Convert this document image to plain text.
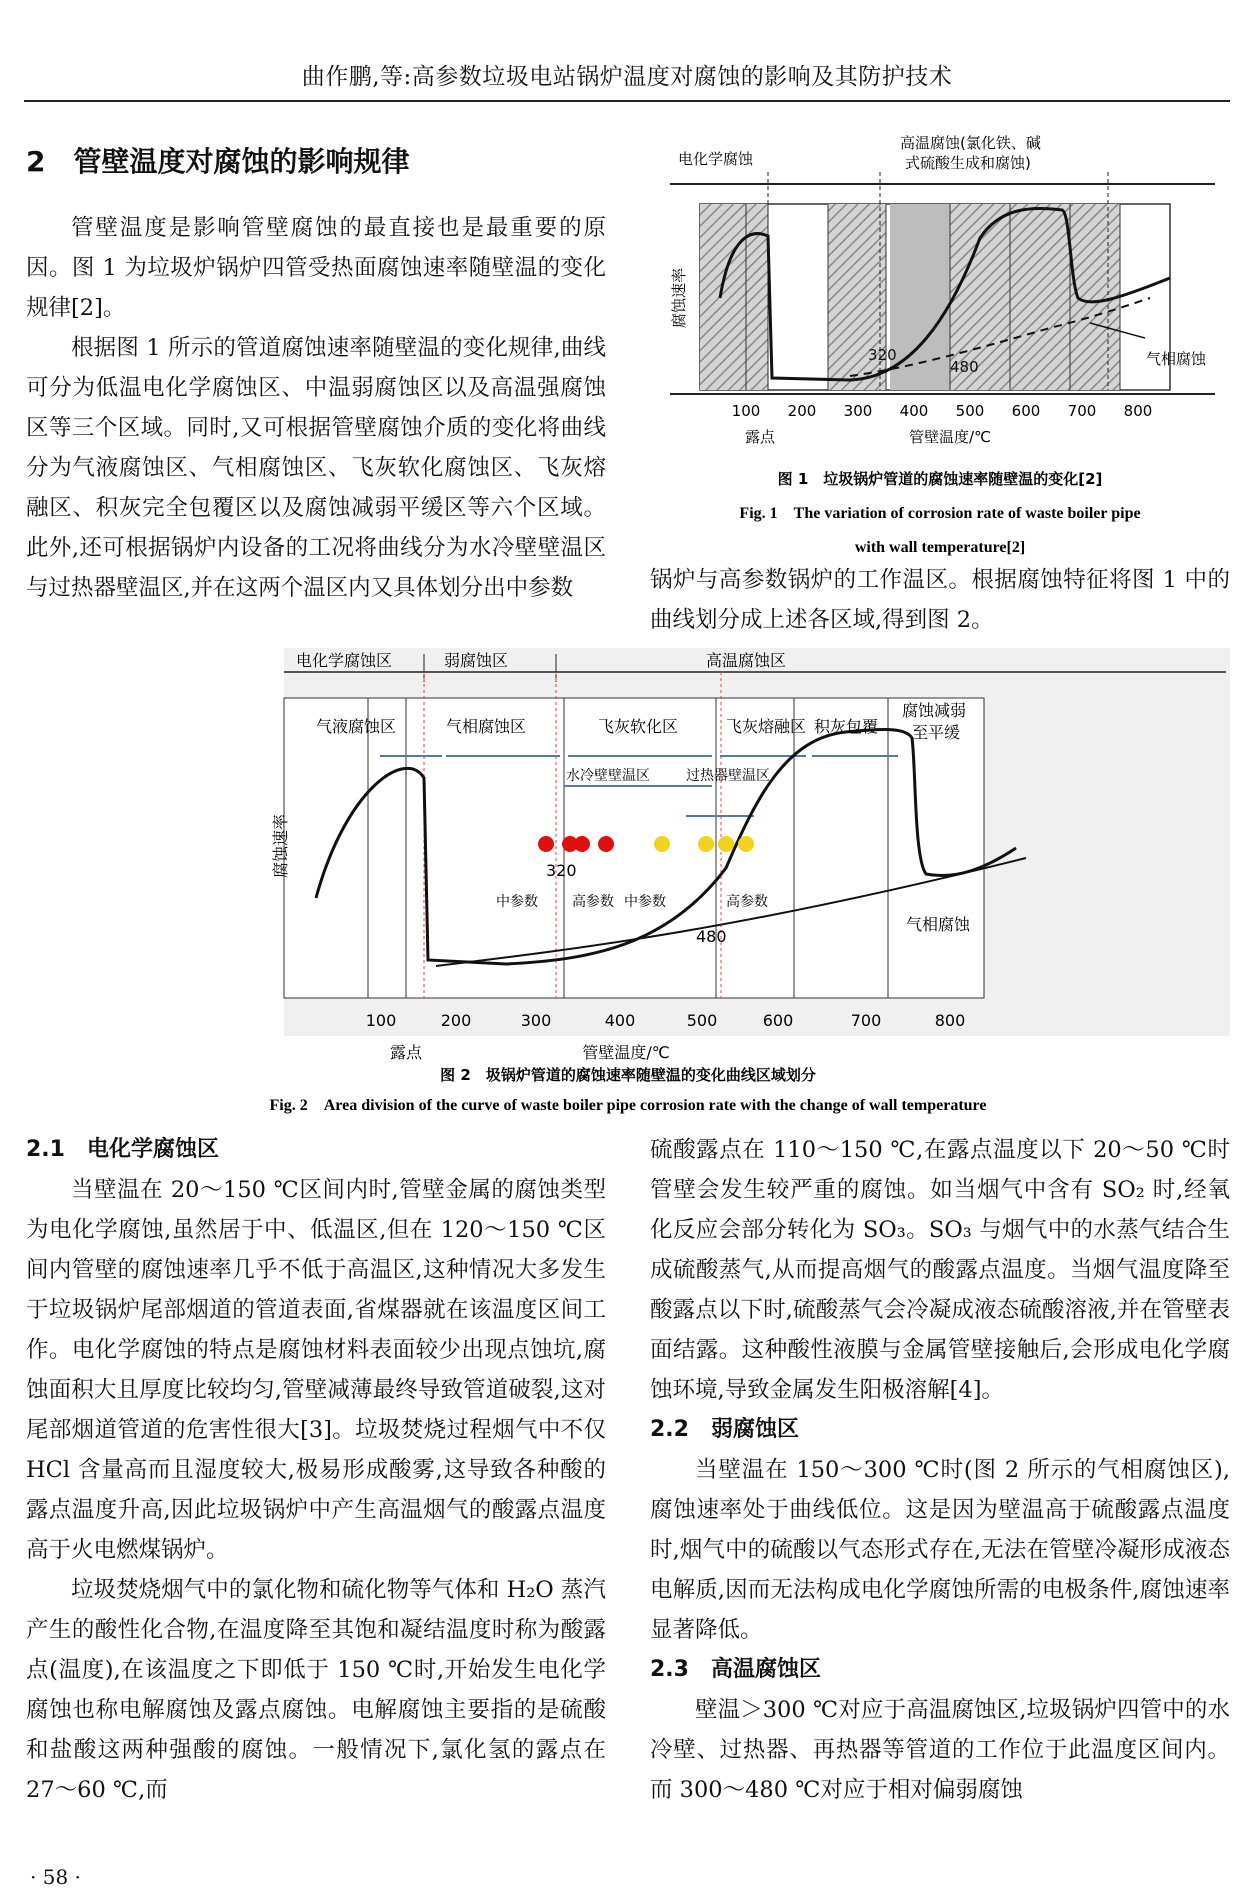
曲作鹏,等:高参数垃圾电站锅炉温度对腐蚀的影响及其防护技术
2　管壁温度对腐蚀的影响规律

管壁温度是影响管壁腐蚀的最直接也是最重要的原因。图 1 为垃圾炉锅炉四管受热面腐蚀速率随壁温的变化规律[2]。

根据图 1 所示的管道腐蚀速率随壁温的变化规律,曲线可分为低温电化学腐蚀区、中温弱腐蚀区以及高温强腐蚀区等三个区域。同时,又可根据管壁腐蚀介质的变化将曲线分为气液腐蚀区、气相腐蚀区、飞灰软化腐蚀区、飞灰熔融区、积灰完全包覆区以及腐蚀减弱平缓区等六个区域。此外,还可根据锅炉内设备的工况将曲线分为水冷壁壁温区与过热器壁温区,并在这两个温区内又具体划分出中参数

电化学腐蚀
高温腐蚀(氯化铁、碱
式硫酸生成和腐蚀)
腐蚀速率
320
480	气相腐蚀
100 200 300 400 500 600 700 800
露点	管壁温度/℃
图 1　垃圾锅炉管道的腐蚀速率随壁温的变化[2]
Fig. 1　The variation of corrosion rate of waste boiler pipe
with wall temperature[2]

锅炉与高参数锅炉的工作温区。根据腐蚀特征将图 1 中的曲线划分成上述各区域,得到图 2。

电化学腐蚀区	弱腐蚀区	高温腐蚀区
气液腐蚀区	气相腐蚀区	飞灰软化区	飞灰熔融区 积灰包覆
腐蚀减弱
至平缓
水冷壁壁温区	过热器壁温区
腐蚀速率	320
480
中参数 高参数 中参数	高参数
气相腐蚀
100	200	300	400	500	600	700	800
露点	管壁温度/℃
图 2　圾锅炉管道的腐蚀速率随壁温的变化曲线区域划分
Fig. 2　Area division of the curve of waste boiler pipe corrosion rate with the change of wall temperature
2.1　电化学腐蚀区

当壁温在 20～150 ℃区间内时,管壁金属的腐蚀类型为电化学腐蚀,虽然居于中、低温区,但在 120～150 ℃区间内管壁的腐蚀速率几乎不低于高温区,这种情况大多发生于垃圾锅炉尾部烟道的管道表面,省煤器就在该温度区间工作。电化学腐蚀的特点是腐蚀材料表面较少出现点蚀坑,腐蚀面积大且厚度比较均匀,管壁减薄最终导致管道破裂,这对尾部烟道管道的危害性很大[3]。垃圾焚烧过程烟气中不仅 HCl 含量高而且湿度较大,极易形成酸雾,这导致各种酸的露点温度升高,因此垃圾锅炉中产生高温烟气的酸露点温度高于火电燃煤锅炉。

垃圾焚烧烟气中的氯化物和硫化物等气体和 H₂O 蒸汽产生的酸性化合物,在温度降至其饱和凝结温度时称为酸露点(温度),在该温度之下即低于 150 ℃时,开始发生电化学腐蚀也称电解腐蚀及露点腐蚀。电解腐蚀主要指的是硫酸和盐酸这两种强酸的腐蚀。一般情况下,氯化氢的露点在 27～60 ℃,而

硫酸露点在 110～150 ℃,在露点温度以下 20～50 ℃时管壁会发生较严重的腐蚀。如当烟气中含有 SO₂ 时,经氧化反应会部分转化为 SO₃。SO₃ 与烟气中的水蒸气结合生成硫酸蒸气,从而提高烟气的酸露点温度。当烟气温度降至酸露点以下时,硫酸蒸气会冷凝成液态硫酸溶液,并在管壁表面结露。这种酸性液膜与金属管壁接触后,会形成电化学腐蚀环境,导致金属发生阳极溶解[4]。

2.2　弱腐蚀区

当壁温在 150～300 ℃时(图 2 所示的气相腐蚀区),腐蚀速率处于曲线低位。这是因为壁温高于硫酸露点温度时,烟气中的硫酸以气态形式存在,无法在管壁冷凝形成液态电解质,因而无法构成电化学腐蚀所需的电极条件,腐蚀速率显著降低。

2.3　高温腐蚀区

壁温＞300 ℃对应于高温腐蚀区,垃圾锅炉四管中的水冷壁、过热器、再热器等管道的工作位于此温度区间内。而 300～480 ℃对应于相对偏弱腐蚀

· 58 ·
